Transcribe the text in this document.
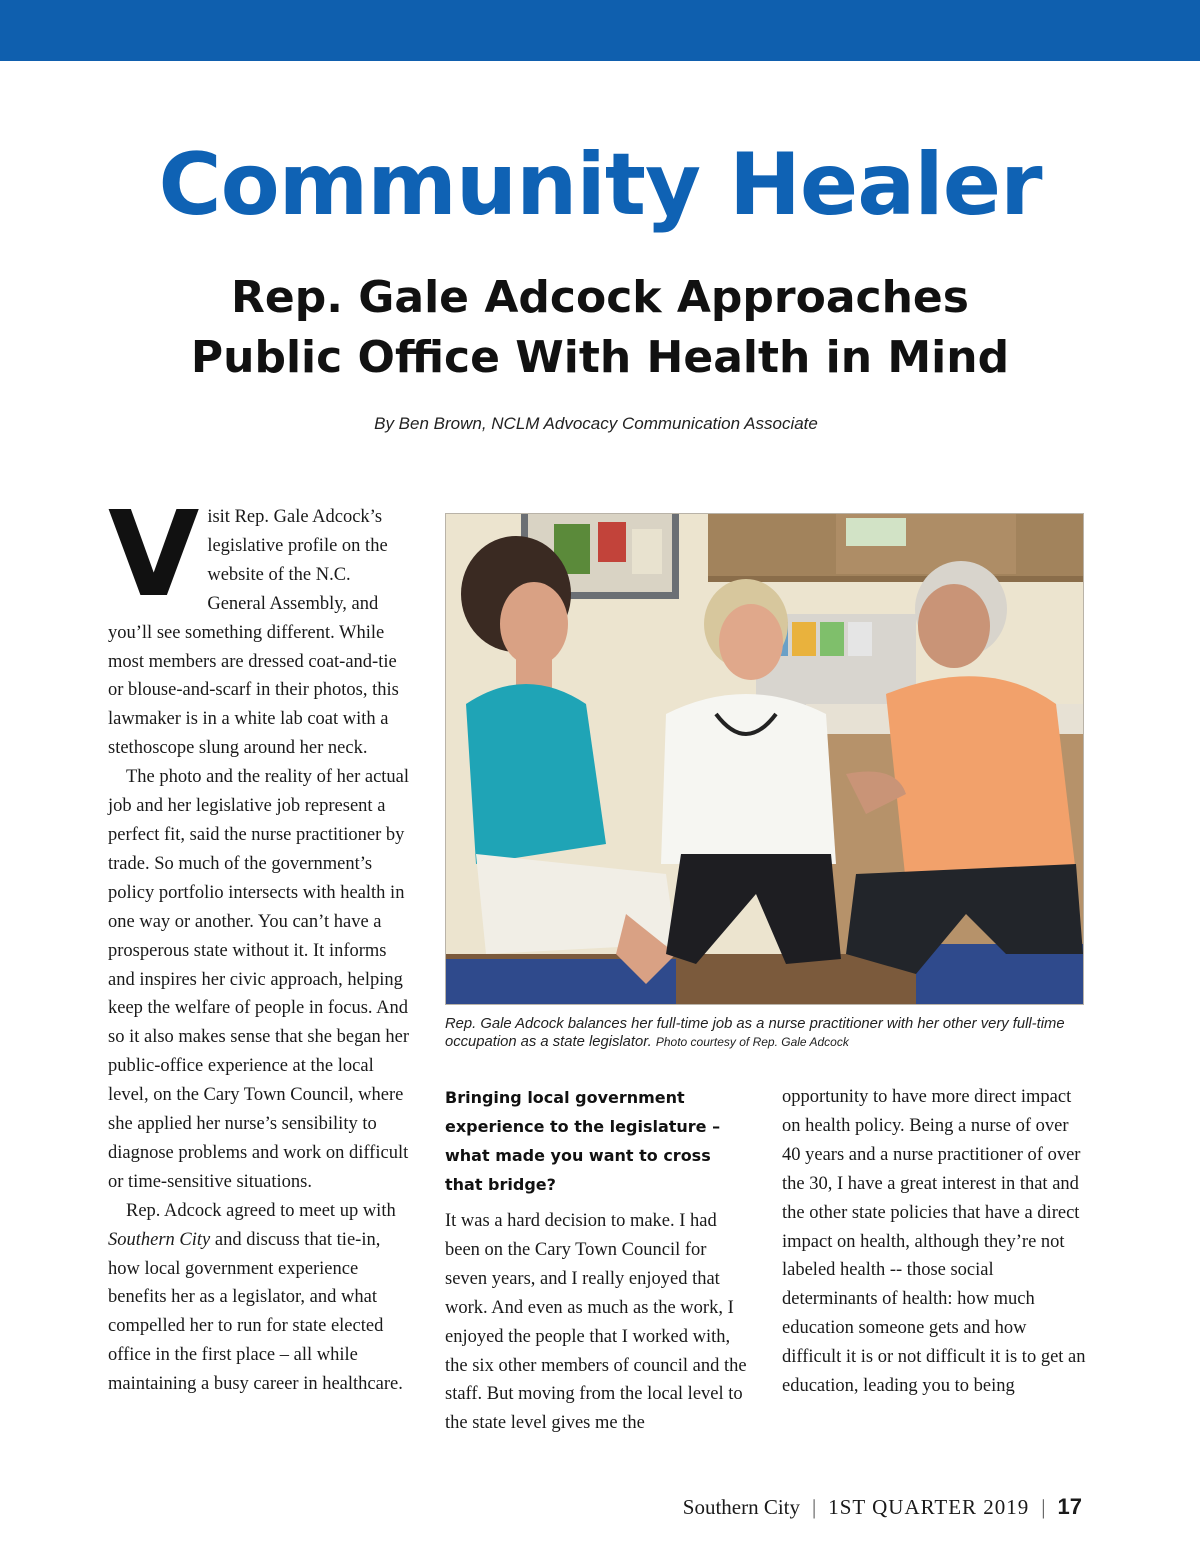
Community Healer
Rep. Gale Adcock Approaches
Public Office With Health in Mind
By Ben Brown, NCLM Advocacy Communication Associate

Visit Rep. Gale Adcock’s legislative profile on the website of the N.C. General Assembly, and you’ll see something different. While most members are dressed coat-and-tie or blouse-and-scarf in their photos, this lawmaker is in a white lab coat with a stethoscope slung around her neck.

The photo and the reality of her actual job and her legislative job represent a perfect fit, said the nurse practitioner by trade. So much of the government’s policy portfolio intersects with health in one way or another. You can’t have a prosperous state without it. It informs and inspires her civic approach, helping keep the welfare of people in focus. And so it also makes sense that she began her public-office experience at the local level, on the Cary Town Council, where she applied her nurse’s sensibility to diagnose problems and work on difficult or time-sensitive situations.

Rep. Adcock agreed to meet up with Southern City and discuss that tie-in, how local government experience benefits her as a legislator, and what compelled her to run for state elected office in the first place – all while maintaining a busy career in healthcare.

Rep. Gale Adcock balances her full-time job as a nurse practitioner with her other very full-time occupation as a state legislator. Photo courtesy of Rep. Gale Adcock

Bringing local government experience to the legislature – what made you want to cross that bridge?

It was a hard decision to make. I had been on the Cary Town Council for seven years, and I really enjoyed that work. And even as much as the work, I enjoyed the people that I worked with, the six other members of council and the staff. But moving from the local level to the state level gives me the

opportunity to have more direct impact on health policy. Being a nurse of over 40 years and a nurse practitioner of over the 30, I have a great interest in that and the other state policies that have a direct impact on health, although they’re not labeled health -- those social determinants of health: how much education someone gets and how difficult it is or not difficult it is to get an education, leading you to being

Southern City | 1ST QUARTER 2019 | 17
